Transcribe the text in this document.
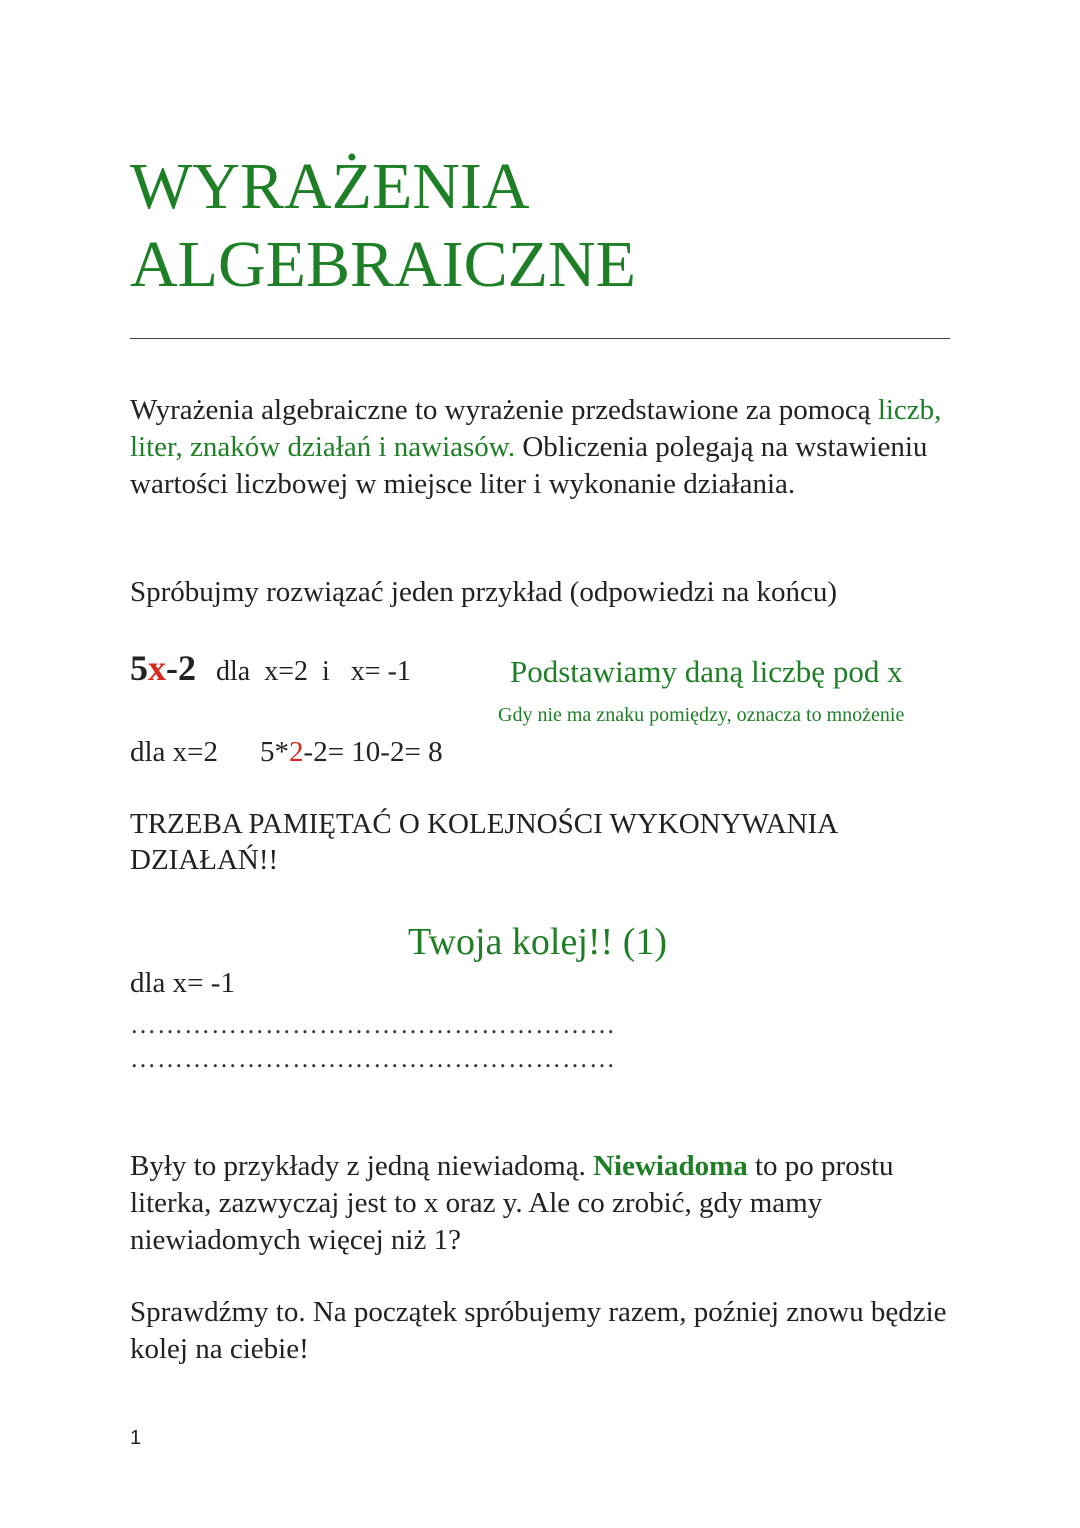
WYRAŻENIA
ALGEBRAICZNE

Wyrażenia algebraiczne to wyrażenie przedstawione za pomocą liczb, liter, znaków działań i nawiasów. Obliczenia polegają na wstawieniu wartości liczbowej w miejsce liter i wykonanie działania.

Spróbujmy rozwiązać jeden przykład (odpowiedzi na końcu)

5x-2 dla  x=2  i   x= -1	Podstawiamy daną liczbę pod x
Gdy nie ma znaku pomiędzy, oznacza to mnożenie
dla x=2 5*2-2= 10-2= 8

TRZEBA PAMIĘTAĆ O KOLEJNOŚCI WYKONYWANIA DZIAŁAŃ!!

Twoja kolej!! (1)
dla x= -1
………………………………………………
………………………………………………

Były to przykłady z jedną niewiadomą. Niewiadoma to po prostu literka, zazwyczaj jest to x oraz y. Ale co zrobić, gdy mamy niewiadomych więcej niż 1?

Sprawdźmy to. Na początek spróbujemy razem, poźniej znowu będzie kolej na ciebie!

1
